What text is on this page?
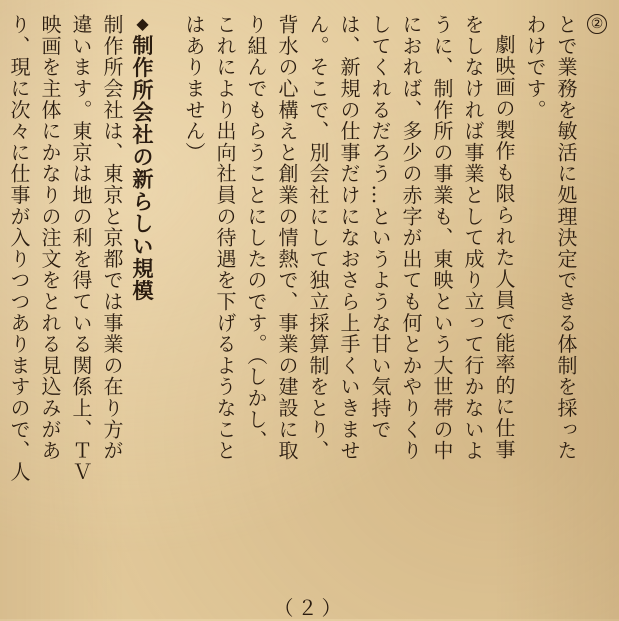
②
とで業務を敏活に処理決定できる体制を採った
わけです。
劇映画の製作も限られた人員で能率的に仕事
をしなければ事業として成り立って行かないよ
うに、制作所の事業も、東映という大世帯の中
におれば、多少の赤字が出ても何とかやりくり
してくれるだろう…というような甘い気持で
は、新規の仕事だけになおさら上手くいきませ
ん。そこで、別会社にして独立採算制をとり、
背水の心構えと創業の情熱で、事業の建設に取
り組んでもらうことにしたのです。（しかし、
これにより出向社員の待遇を下げるようなこと
はありません）
◆制作所会社の新らしい規模
制作所会社は、東京と京都では事業の在り方が
違います。東京は地の利を得ている関係上、ＴＶ
映画を主体にかなりの注文をとれる見込みがあ
り、現に次々に仕事が入りつつありますので、人
（２）
